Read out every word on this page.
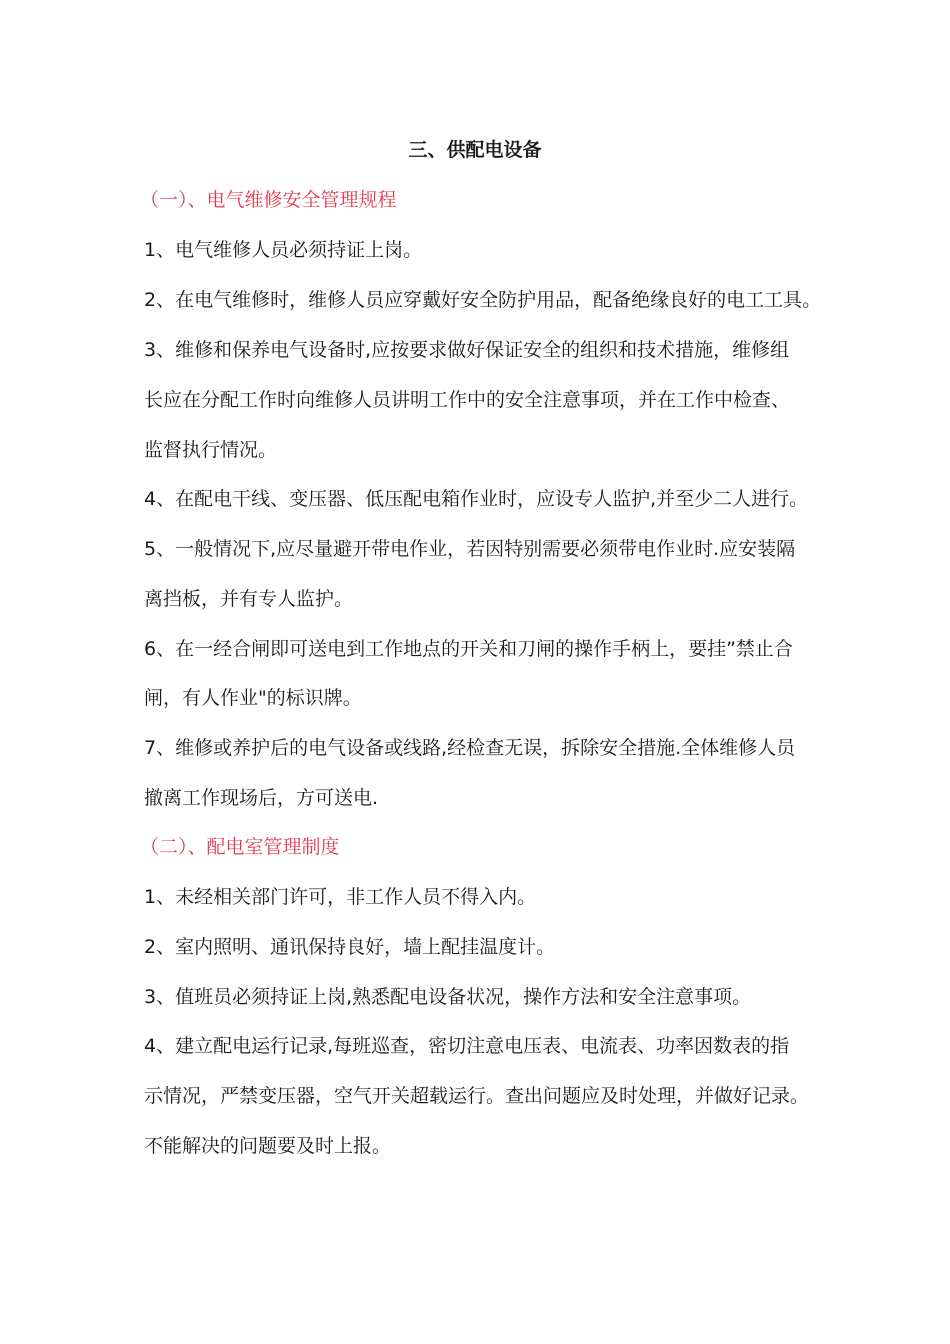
三、供配电设备
（一）、电气维修安全管理规程
1、电气维修人员必须持证上岗。
2、在电气维修时，维修人员应穿戴好安全防护用品，配备绝缘良好的电工工具。
3、维修和保养电气设备时,应按要求做好保证安全的组织和技术措施，维修组
长应在分配工作时向维修人员讲明工作中的安全注意事项，并在工作中检查、
监督执行情况。
4、在配电干线、变压器、低压配电箱作业时，应设专人监护,并至少二人进行。
5、一般情况下,应尽量避开带电作业，若因特别需要必须带电作业时.应安装隔
离挡板，并有专人监护。
6、在一经合闸即可送电到工作地点的开关和刀闸的操作手柄上，要挂”禁止合
闸，有人作业"的标识牌。
7、维修或养护后的电气设备或线路,经检查无误，拆除安全措施.全体维修人员
撤离工作现场后，方可送电.
（二）、配电室管理制度
1、未经相关部门许可，非工作人员不得入内。
2、室内照明、通讯保持良好，墙上配挂温度计。
3、值班员必须持证上岗,熟悉配电设备状况，操作方法和安全注意事项。
4、建立配电运行记录,每班巡查，密切注意电压表、电流表、功率因数表的指
示情况，严禁变压器，空气开关超载运行。查出问题应及时处理，并做好记录。
不能解决的问题要及时上报。
